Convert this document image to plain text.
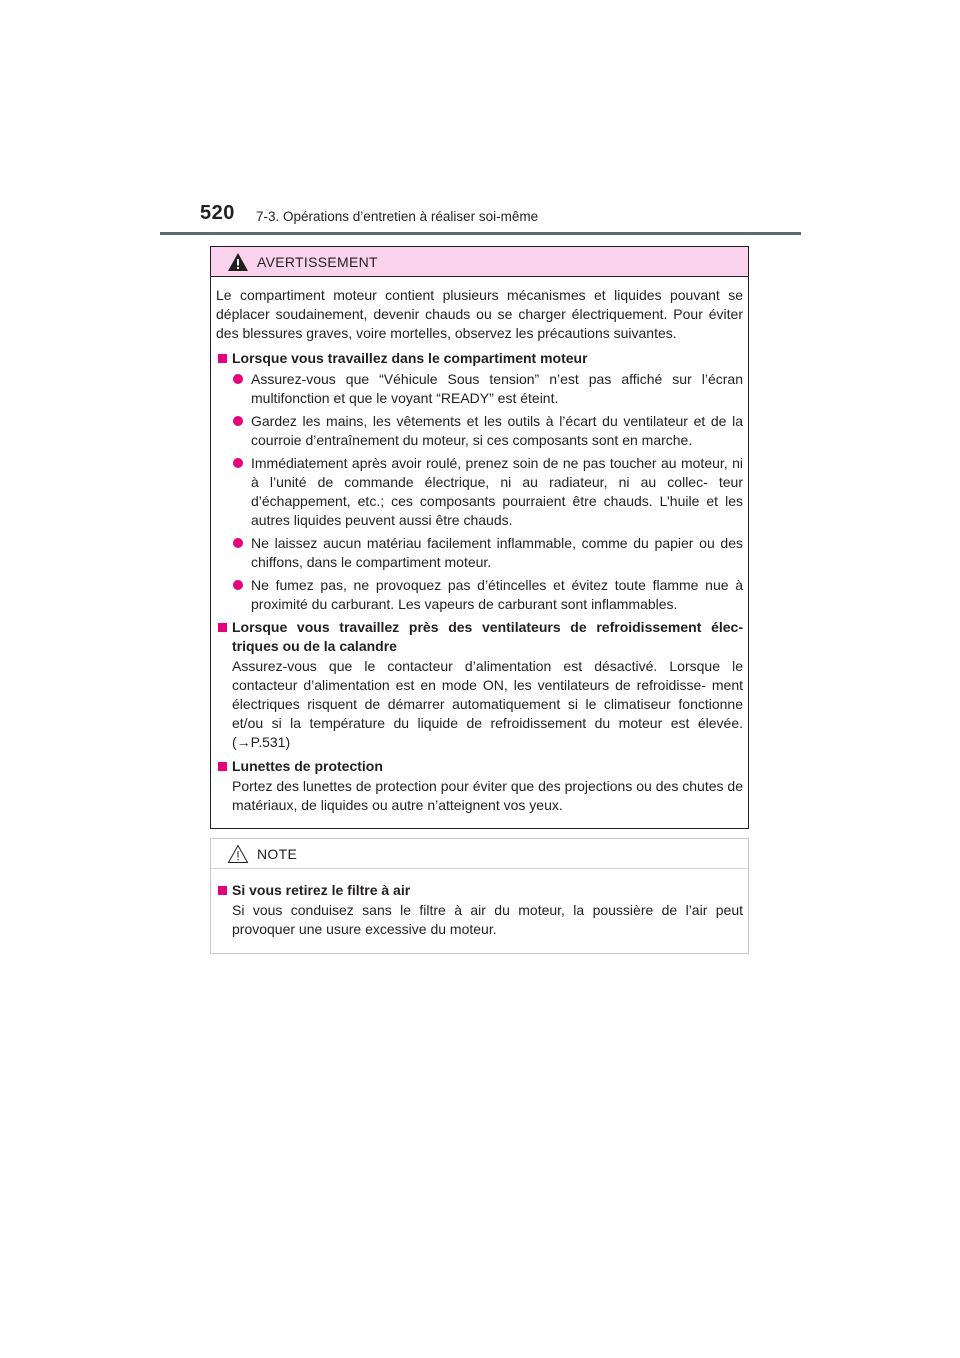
520 7-3. Opérations d’entretien à réaliser soi-même
AVERTISSEMENT

Le compartiment moteur contient plusieurs mécanismes et liquides pouvant se déplacer soudainement, devenir chauds ou se charger électriquement. Pour éviter des blessures graves, voire mortelles, observez les précautions suivantes.

Lorsque vous travaillez dans le compartiment moteur

Assurez-vous que “Véhicule Sous tension” n’est pas affiché sur l’écran multifonction et que le voyant “READY” est éteint.

Gardez les mains, les vêtements et les outils à l’écart du ventilateur et de la courroie d’entraînement du moteur, si ces composants sont en marche.

Immédiatement après avoir roulé, prenez soin de ne pas toucher au moteur, ni à l’unité de commande électrique, ni au radiateur, ni au collec- teur d’échappement, etc.; ces composants pourraient être chauds. L’huile et les autres liquides peuvent aussi être chauds.

Ne laissez aucun matériau facilement inflammable, comme du papier ou des chiffons, dans le compartiment moteur.

Ne fumez pas, ne provoquez pas d’étincelles et évitez toute flamme nue à proximité du carburant. Les vapeurs de carburant sont inflammables.

Lorsque vous travaillez près des ventilateurs de refroidissement élec- triques ou de la calandre

Assurez-vous que le contacteur d’alimentation est désactivé. Lorsque le contacteur d’alimentation est en mode ON, les ventilateurs de refroidisse- ment électriques risquent de démarrer automatiquement si le climatiseur fonctionne et/ou si la température du liquide de refroidissement du moteur est élevée. (→P.531)

Lunettes de protection

Portez des lunettes de protection pour éviter que des projections ou des chutes de matériaux, de liquides ou autre n’atteignent vos yeux.

NOTE
Si vous retirez le filtre à air

Si vous conduisez sans le filtre à air du moteur, la poussière de l’air peut provoquer une usure excessive du moteur.
